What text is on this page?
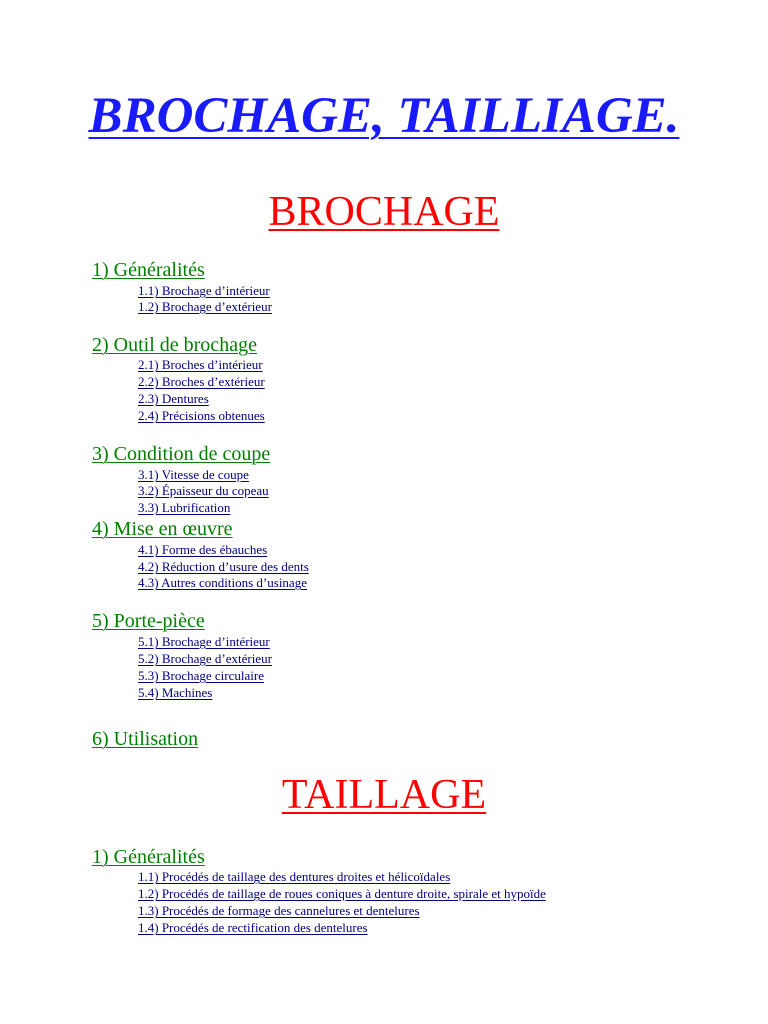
BROCHAGE, TAILLIAGE.
BROCHAGE
1) Généralités
1.1) Brochage d’intérieur
1.2) Brochage d’extérieur
2) Outil de brochage
2.1) Broches d’intérieur
2.2) Broches d’extérieur
2.3) Dentures
2.4) Précisions obtenues
3) Condition de coupe
3.1) Vitesse de coupe
3.2) Épaisseur du copeau
3.3) Lubrification
4) Mise en œuvre
4.1) Forme des ébauches
4.2) Réduction d’usure des dents
4.3) Autres conditions d’usinage
5) Porte-pièce
5.1) Brochage d’intérieur
5.2) Brochage d’extérieur
5.3) Brochage circulaire
5.4) Machines
6) Utilisation
TAILLAGE
1) Généralités
1.1) Procédés de taillage des dentures droites et hélicoïdales
1.2) Procédés de taillage de roues coniques à denture droite, spirale et hypoïde
1.3) Procédés de formage des cannelures et dentelures
1.4) Procédés de rectification des dentelures
